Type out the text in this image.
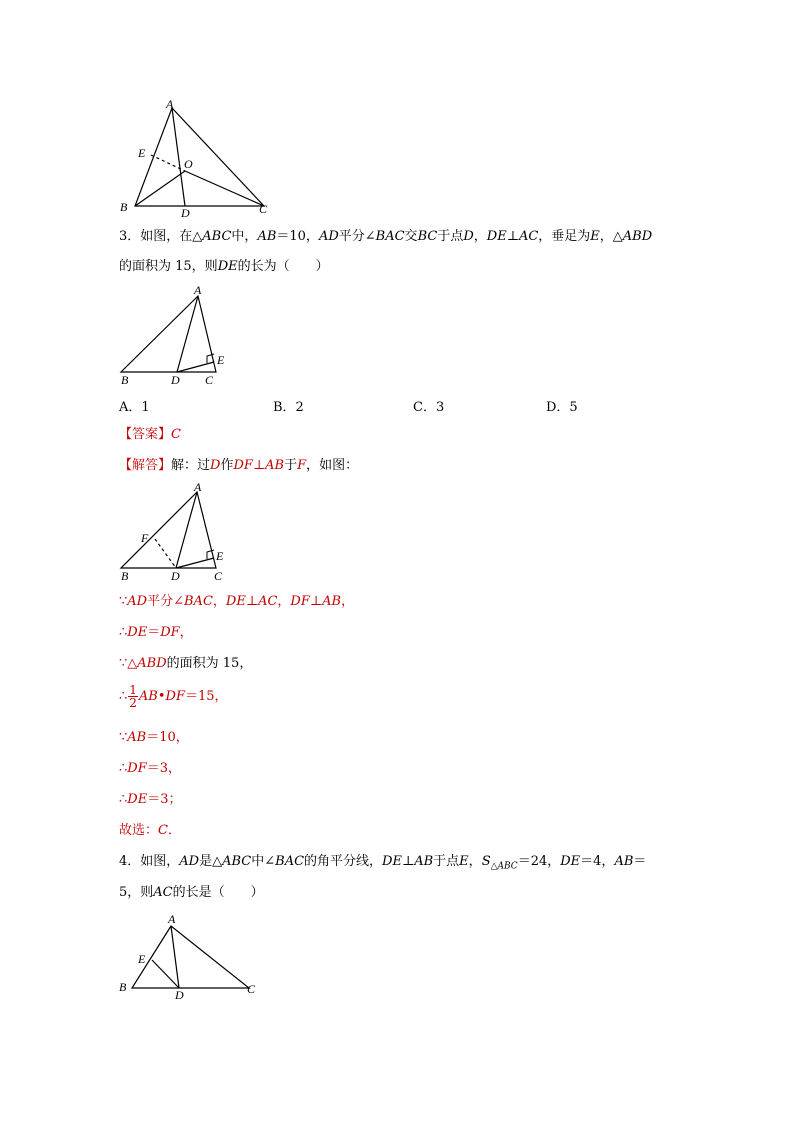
A
B	C
D
E
O
3．如图，在△ABC中，AB＝10，AD平分∠BAC交BC于点D，DE⊥AC，垂足为E，△ABD
的面积为 15，则DE的长为（　　）
A
B	D C
E
A．1	B．2	C．3	D．5
【答案】C
【解答】解：过D作DF⊥AB于F，如图：
A
F
B	D	C
E
∵AD平分∠BAC，DE⊥AC，DF⊥AB，
∴DE＝DF，
∵△ABD的面积为 15，
∴ $\frac{1}{2}$ AB•DF＝15，
∵AB＝10，
∴DF＝3，
∴DE＝3；
故选：C．
4．如图，AD是△ABC中∠BAC的角平分线，DE⊥AB于点E，$S_{\triangle ABC}=24$，DE＝4，AB＝
5，则AC的长是（　　）
A
E
B
D	C
